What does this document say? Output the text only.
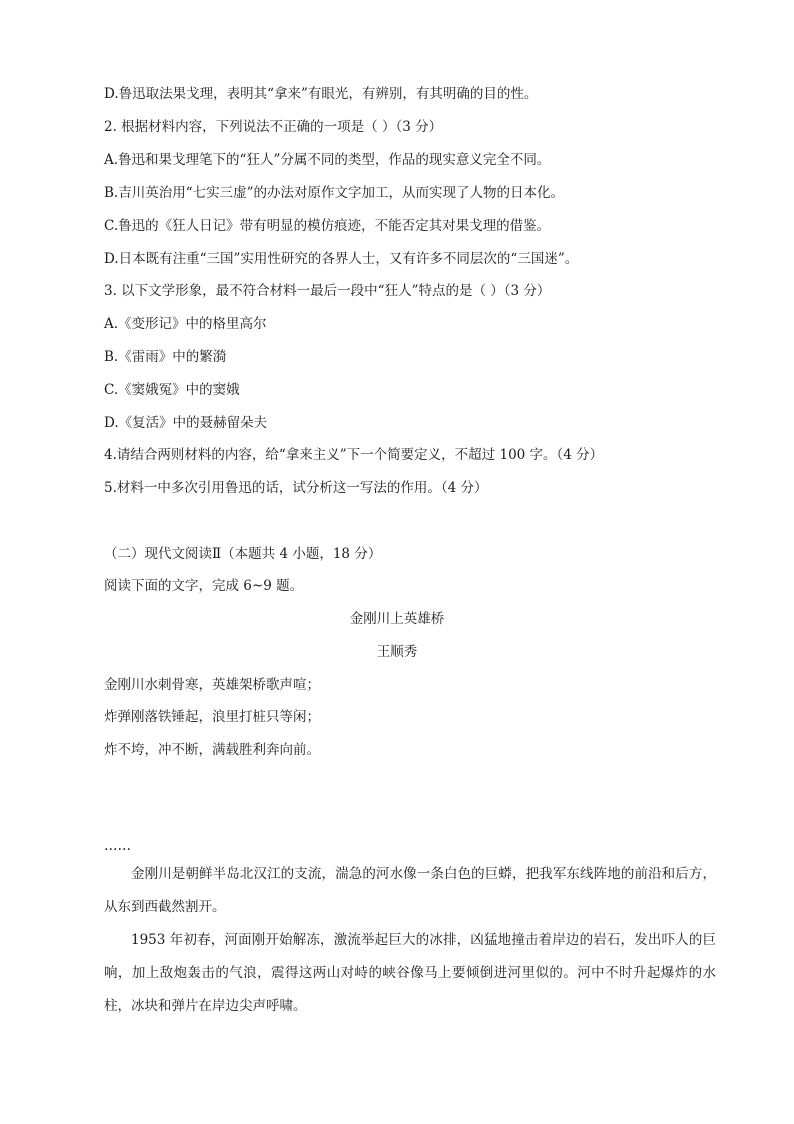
D.鲁迅取法果戈理，表明其“拿来”有眼光，有辨别，有其明确的目的性。
2. 根据材料内容，下列说法不正确的一项是（ ）（3 分）
A.鲁迅和果戈理笔下的“狂人”分属不同的类型，作品的现实意义完全不同。
B.吉川英治用“七实三虚”的办法对原作文字加工，从而实现了人物的日本化。
C.鲁迅的《狂人日记》带有明显的模仿痕迹，不能否定其对果戈理的借鉴。
D.日本既有注重“三国”实用性研究的各界人士，又有许多不同层次的“三国迷”。
3. 以下文学形象，最不符合材料一最后一段中“狂人”特点的是（ ）（3 分）
A.《变形记》中的格里高尔
B.《雷雨》中的繁漪
C.《窦娥冤》中的窦娥
D.《复活》中的聂赫留朵夫
4.请结合两则材料的内容，给“拿来主义”下一个简要定义，不超过 100 字。（4 分）
5.材料一中多次引用鲁迅的话，试分析这一写法的作用。（4 分）
（二）现代文阅读Ⅱ（本题共 4 小题，18 分）
阅读下面的文字，完成 6~9 题。
金刚川上英雄桥
王顺秀
金刚川水刺骨寒，英雄架桥歌声喧；
炸弹刚落铁锤起，浪里打桩只等闲；
炸不垮，冲不断，满载胜利奔向前。
……
金刚川是朝鲜半岛北汉江的支流，湍急的河水像一条白色的巨蟒，把我军东线阵地的前沿和后方，从东到西截然割开。
1953 年初春，河面刚开始解冻，激流举起巨大的冰排，凶猛地撞击着岸边的岩石，发出吓人的巨响，加上敌炮轰击的气浪，震得这两山对峙的峡谷像马上要倾倒进河里似的。河中不时升起爆炸的水柱，冰块和弹片在岸边尖声呼啸。
